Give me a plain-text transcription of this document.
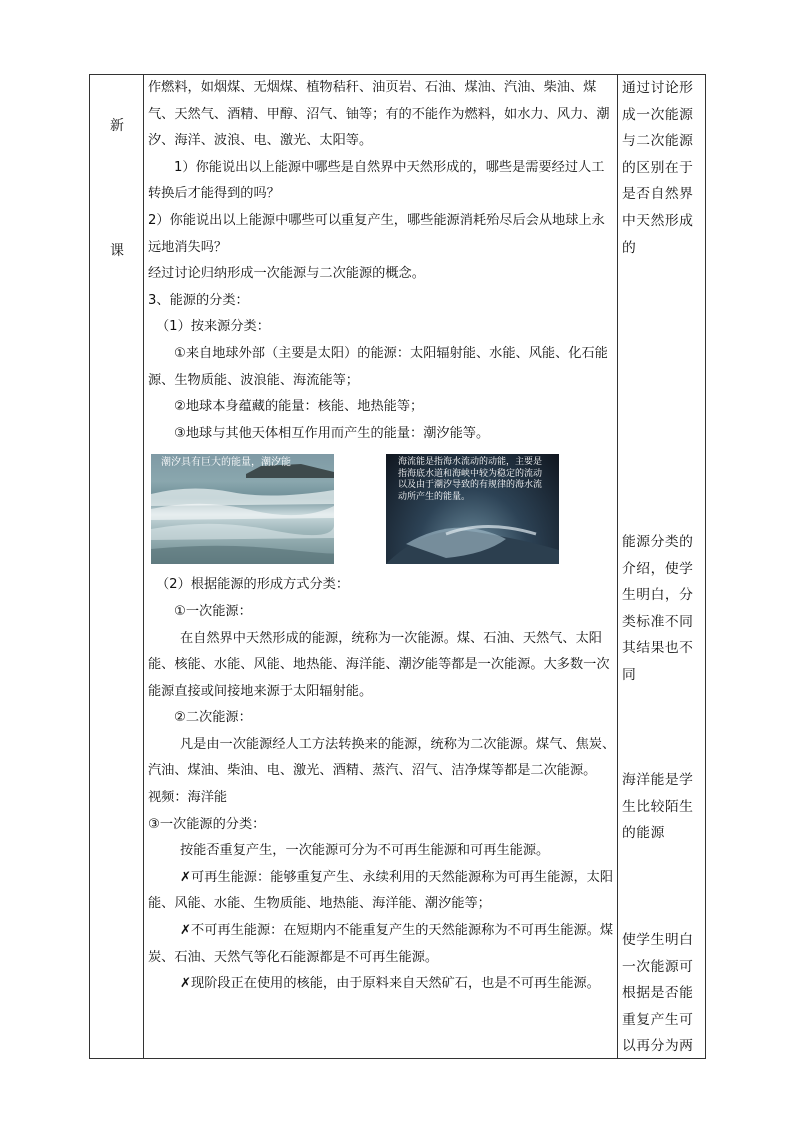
新
课

作燃料，如烟煤、无烟煤、植物秸秆、油页岩、石油、煤油、汽油、柴油、煤气、天然气、酒精、甲醇、沼气、铀等；有的不能作为燃料，如水力、风力、潮汐、海洋、波浪、电、激光、太阳等。

1）你能说出以上能源中哪些是自然界中天然形成的，哪些是需要经过人工转换后才能得到的吗？

2）你能说出以上能源中哪些可以重复产生，哪些能源消耗殆尽后会从地球上永远地消失吗？

经过讨论归纳形成一次能源与二次能源的概念。

3、能源的分类：

（1）按来源分类：

①来自地球外部（主要是太阳）的能源：太阳辐射能、水能、风能、化石能源、生物质能、波浪能、海流能等；

②地球本身蕴藏的能量：核能、地热能等；

③地球与其他天体相互作用而产生的能量：潮汐能等。

潮汐具有巨大的能量，潮汐能	海流能是指海水流动的动能，主要是指海底水道和海峡中较为稳定的流动以及由于潮汐导致的有规律的海水流动所产生的能量。

（2）根据能源的形成方式分类：

①一次能源：

在自然界中天然形成的能源，统称为一次能源。煤、石油、天然气、太阳能、核能、水能、风能、地热能、海洋能、潮汐能等都是一次能源。大多数一次能源直接或间接地来源于太阳辐射能。

②二次能源：

凡是由一次能源经人工方法转换来的能源，统称为二次能源。煤气、焦炭、汽油、煤油、柴油、电、激光、酒精、蒸汽、沼气、洁净煤等都是二次能源。

视频：海洋能

③一次能源的分类：

按能否重复产生，一次能源可分为不可再生能源和可再生能源。

✗可再生能源：能够重复产生、永续利用的天然能源称为可再生能源，太阳能、风能、水能、生物质能、地热能、海洋能、潮汐能等；

✗不可再生能源：在短期内不能重复产生的天然能源称为不可再生能源。煤炭、石油、天然气等化石能源都是不可再生能源。

✗现阶段正在使用的核能，由于原料来自天然矿石，也是不可再生能源。

通过讨论形成一次能源与二次能源的区别在于是否自然界中天然形成的
能源分类的介绍，使学生明白，分类标准不同其结果也不同
海洋能是学生比较陌生的能源
使学生明白一次能源可根据是否能重复产生可以再分为两
